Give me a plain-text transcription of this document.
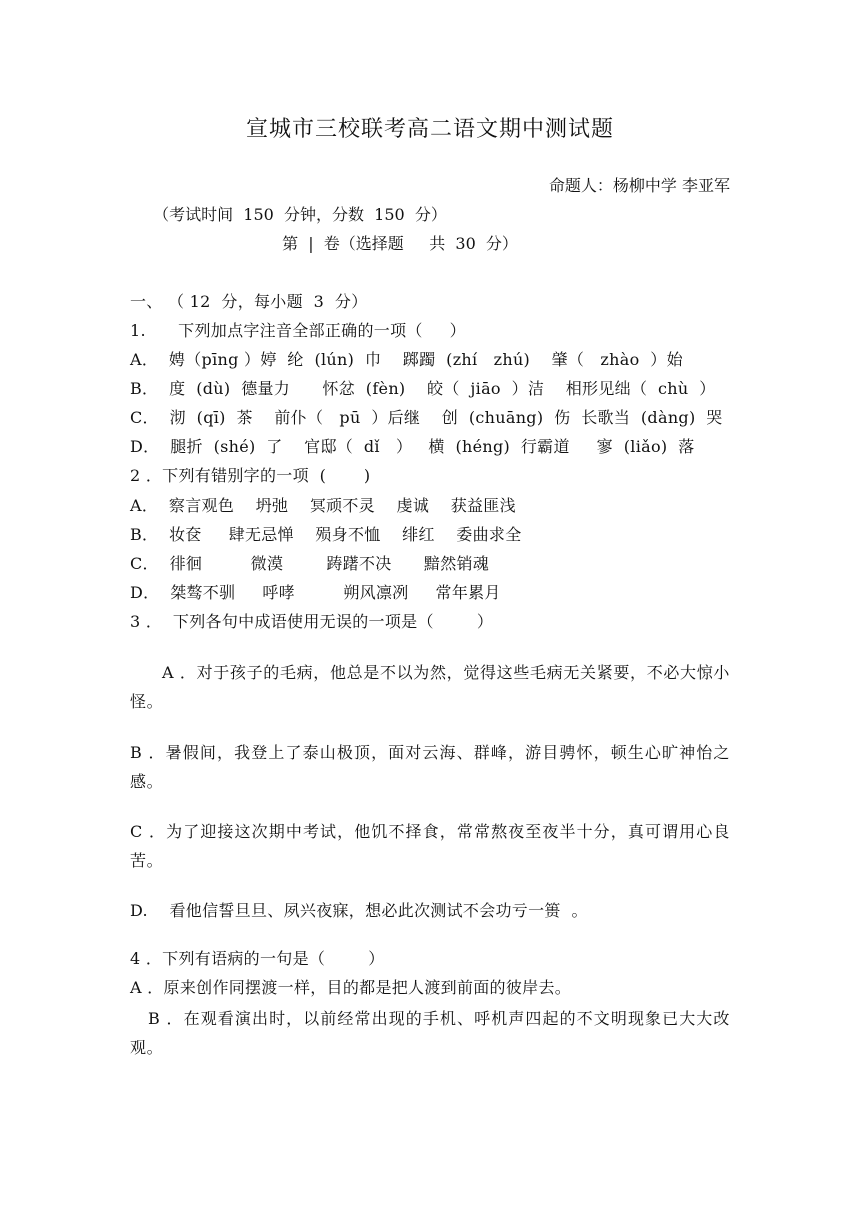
宣城市三校联考高二语文期中测试题
命题人：杨柳中学 李亚军
（考试时间  150  分钟，分数  150  分）
第  |  卷（选择题     共  30  分）
一、 （ 12  分，每小题  3  分）
1.      下列加点字注音全部正确的一项（     ）
A．  娉（pīng ）婷  纶  (lún)  巾    踯躅  (zhí   zhú)    肇（   zhào  ）始
B．  度  (dù)  德量力      怀忿  (fèn)    皎（  jiāo  ）洁    相形见绌（  chù  ）
C．  沏  (qī)  茶    前仆（   pū  ）后继    创  (chuāng)  伤  长歌当  (dàng)  哭
D．  腿折  (shé)  了    官邸（  dǐ   ）   横  (héng)  行霸道     寥  (liǎo)  落
2 ．下列有错别字的一项  (       )
A．  察言观色    坍弛    冥顽不灵    虔诚    获益匪浅
B．  妆奁     肆无忌惮    殒身不恤    绯红    委曲求全
C．  徘徊         微漠        踌躇不决      黯然销魂
D．  桀骜不驯     呼哮         朔风凛冽     常年累月
3 ．  下列各句中成语使用无误的一项是（        ）
A ．对于孩子的毛病，他总是不以为然，觉得这些毛病无关紧要，不必大惊小怪。
B ．暑假间，我登上了泰山极顶，面对云海、群峰，游目骋怀，顿生心旷神怡之感。
C ．为了迎接这次期中考试，他饥不择食，常常熬夜至夜半十分，真可谓用心良苦。
D.    看他信誓旦旦、夙兴夜寐，想必此次测试不会功亏一篑  。
4 ．下列有语病的一句是（        ）
A ．原来创作同摆渡一样，目的都是把人渡到前面的彼岸去。
B ．在观看演出时，以前经常出现的手机、呼机声四起的不文明现象已大大改观。
